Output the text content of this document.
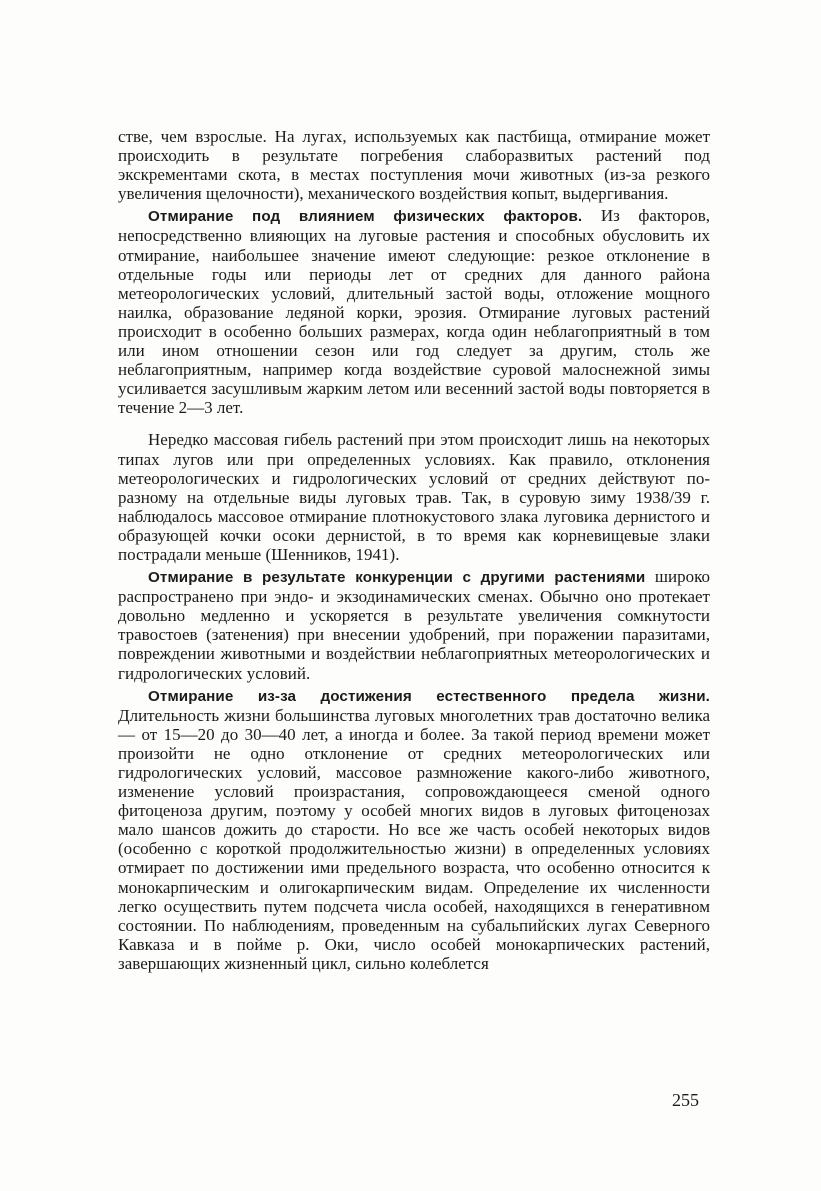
стве, чем взрослые. На лугах, используемых как пастбища, отмирание может происходить в результате погребения слаборазвитых растений под экскрементами скота, в местах поступления мочи животных (из-за резкого увеличения щелочности), механического воздействия копыт, выдергивания.

Отмирание под влиянием физических факторов. Из факторов, непосредственно влияющих на луговые растения и способных обусловить их отмирание, наибольшее значение имеют следующие: резкое отклонение в отдельные годы или периоды лет от средних для данного района метеорологических условий, длительный застой воды, отложение мощного наилка, образование ледяной корки, эрозия. Отмирание луговых растений происходит в особенно больших размерах, когда один неблагоприятный в том или ином отношении сезон или год следует за другим, столь же неблагоприятным, например когда воздействие суровой малоснежной зимы усиливается засушливым жарким летом или весенний застой воды повторяется в течение 2—3 лет.

Нередко массовая гибель растений при этом происходит лишь на некоторых типах лугов или при определенных условиях. Как правило, отклонения метеорологических и гидрологических условий от средних действуют по-разному на отдельные виды луговых трав. Так, в суровую зиму 1938/39 г. наблюдалось массовое отмирание плотнокустового злака луговика дернистого и образующей кочки осоки дернистой, в то время как корневищевые злаки пострадали меньше (Шенников, 1941).

Отмирание в результате конкуренции с другими растениями широко распространено при эндо- и экзодинамических сменах. Обычно оно протекает довольно медленно и ускоряется в результате увеличения сомкнутости травостоев (затенения) при внесении удобрений, при поражении паразитами, повреждении животными и воздействии неблагоприятных метеорологических и гидрологических условий.

Отмирание из-за достижения естественного предела жизни. Длительность жизни большинства луговых многолетних трав достаточно велика — от 15—20 до 30—40 лет, а иногда и более. За такой период времени может произойти не одно отклонение от средних метеорологических или гидрологических условий, массовое размножение какого-либо животного, изменение условий произрастания, сопровождающееся сменой одного фитоценоза другим, поэтому у особей многих видов в луговых фитоценозах мало шансов дожить до старости. Но все же часть особей некоторых видов (особенно с короткой продолжительностью жизни) в определенных условиях отмирает по достижении ими предельного возраста, что особенно относится к монокарпическим и олигокарпическим видам. Определение их численности легко осуществить путем подсчета числа особей, находящихся в генеративном состоянии. По наблюдениям, проведенным на субальпийских лугах Северного Кавказа и в пойме р. Оки, число особей монокарпических растений, завершающих жизненный цикл, сильно колеблется

255
